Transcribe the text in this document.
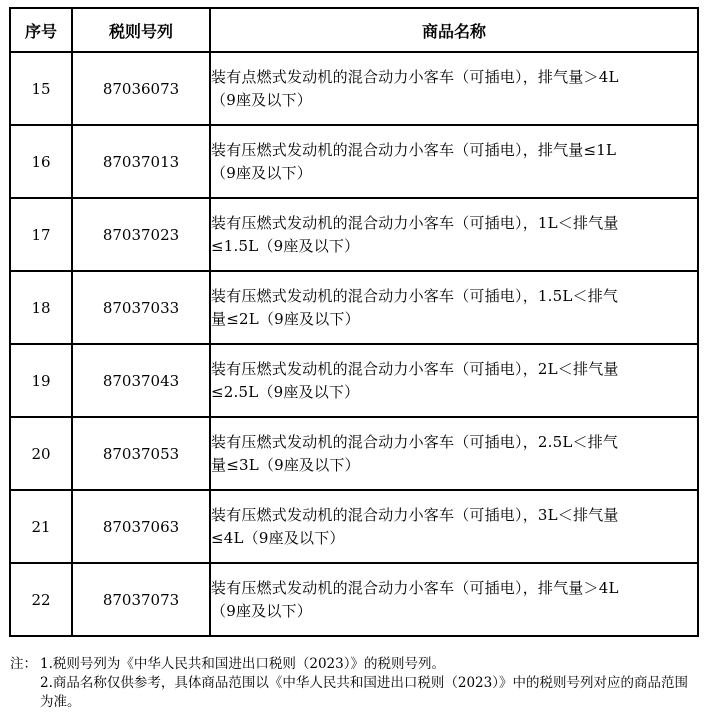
序号	税则号列	商品名称
15	87036073	装有点燃式发动机的混合动力小客车（可插电），排气量＞4L
（9座及以下）
16	87037013	装有压燃式发动机的混合动力小客车（可插电），排气量≤1L
（9座及以下）
17	87037023	装有压燃式发动机的混合动力小客车（可插电），1L＜排气量
≤1.5L（9座及以下）
18	87037033	装有压燃式发动机的混合动力小客车（可插电），1.5L＜排气
量≤2L（9座及以下）
19	87037043	装有压燃式发动机的混合动力小客车（可插电），2L＜排气量
≤2.5L（9座及以下）
20	87037053	装有压燃式发动机的混合动力小客车（可插电），2.5L＜排气
量≤3L（9座及以下）
21	87037063	装有压燃式发动机的混合动力小客车（可插电），3L＜排气量
≤4L（9座及以下）
22	87037073	装有压燃式发动机的混合动力小客车（可插电），排气量＞4L
（9座及以下）
注： 1.税则号列为《中华人民共和国进出口税则（2023）》的税则号列。
2.商品名称仅供参考，具体商品范围以《中华人民共和国进出口税则（2023）》中的税则号列对应的商品范围为准。
